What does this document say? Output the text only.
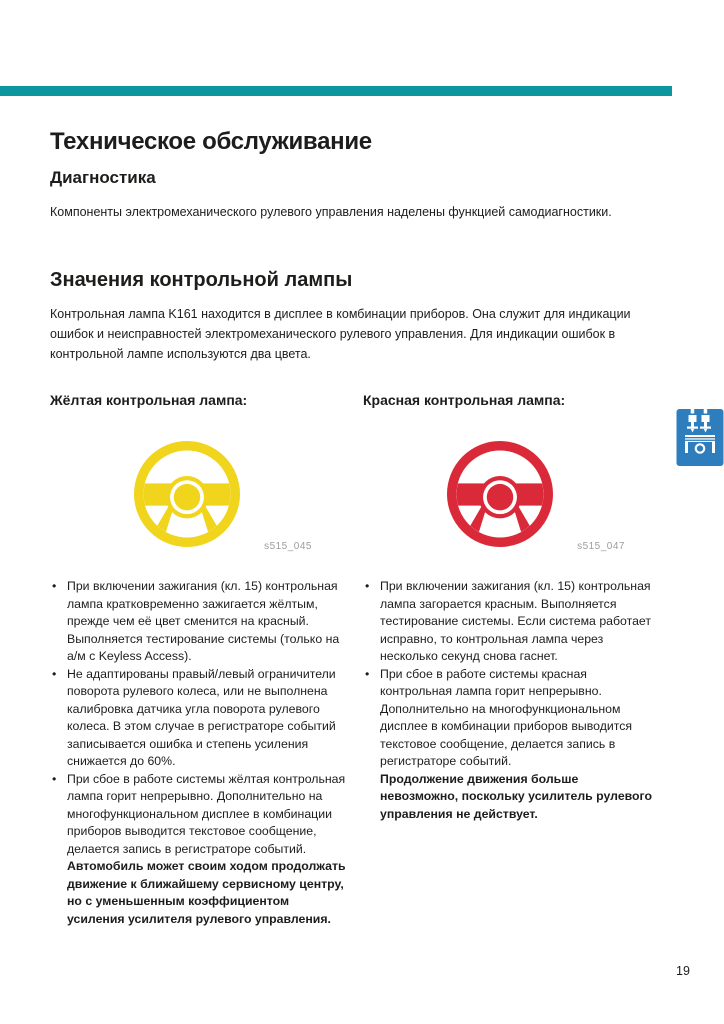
Техническое обслуживание
Диагностика

Компоненты электромеханического рулевого управления наделены функцией самодиагностики.

Значения контрольной лампы

Контрольная лампа K161 находится в дисплее в комбинации приборов. Она служит для индикации ошибок и неисправностей электромеханического рулевого управления. Для индикации ошибок в контрольной лампе используются два цвета.

Жёлтая контрольная лампа:
s515_045
• При включении зажигания (кл. 15) контрольная лампа кратковременно зажигается жёлтым, прежде чем её цвет сменится на красный. Выполняется тестирование системы (только на а/м с Keyless Access).
• Не адаптированы правый/левый ограничители поворота рулевого колеса, или не выполнена калибровка датчика угла поворота рулевого колеса. В этом случае в регистраторе событий записывается ошибка и степень усиления снижается до 60%.
• При сбое в работе системы жёлтая контрольная лампа горит непрерывно. Дополнительно на многофункциональном дисплее в комбинации приборов выводится текстовое сообщение, делается запись в регистраторе событий.
Автомобиль может своим ходом продолжать движение к ближайшему сервисному центру, но с уменьшенным коэффициентом усиления усилителя рулевого управления.
Красная контрольная лампа:
s515_047
• При включении зажигания (кл. 15) контрольная лампа загорается красным. Выполняется тестирование системы. Если система работает исправно, то контрольная лампа через несколько секунд снова гаснет.
• При сбое в работе системы красная контрольная лампа горит непрерывно. Дополнительно на многофункциональном дисплее в комбинации приборов выводится текстовое сообщение, делается запись в регистраторе событий.
Продолжение движения больше невозможно, поскольку усилитель рулевого управления не действует.
19
